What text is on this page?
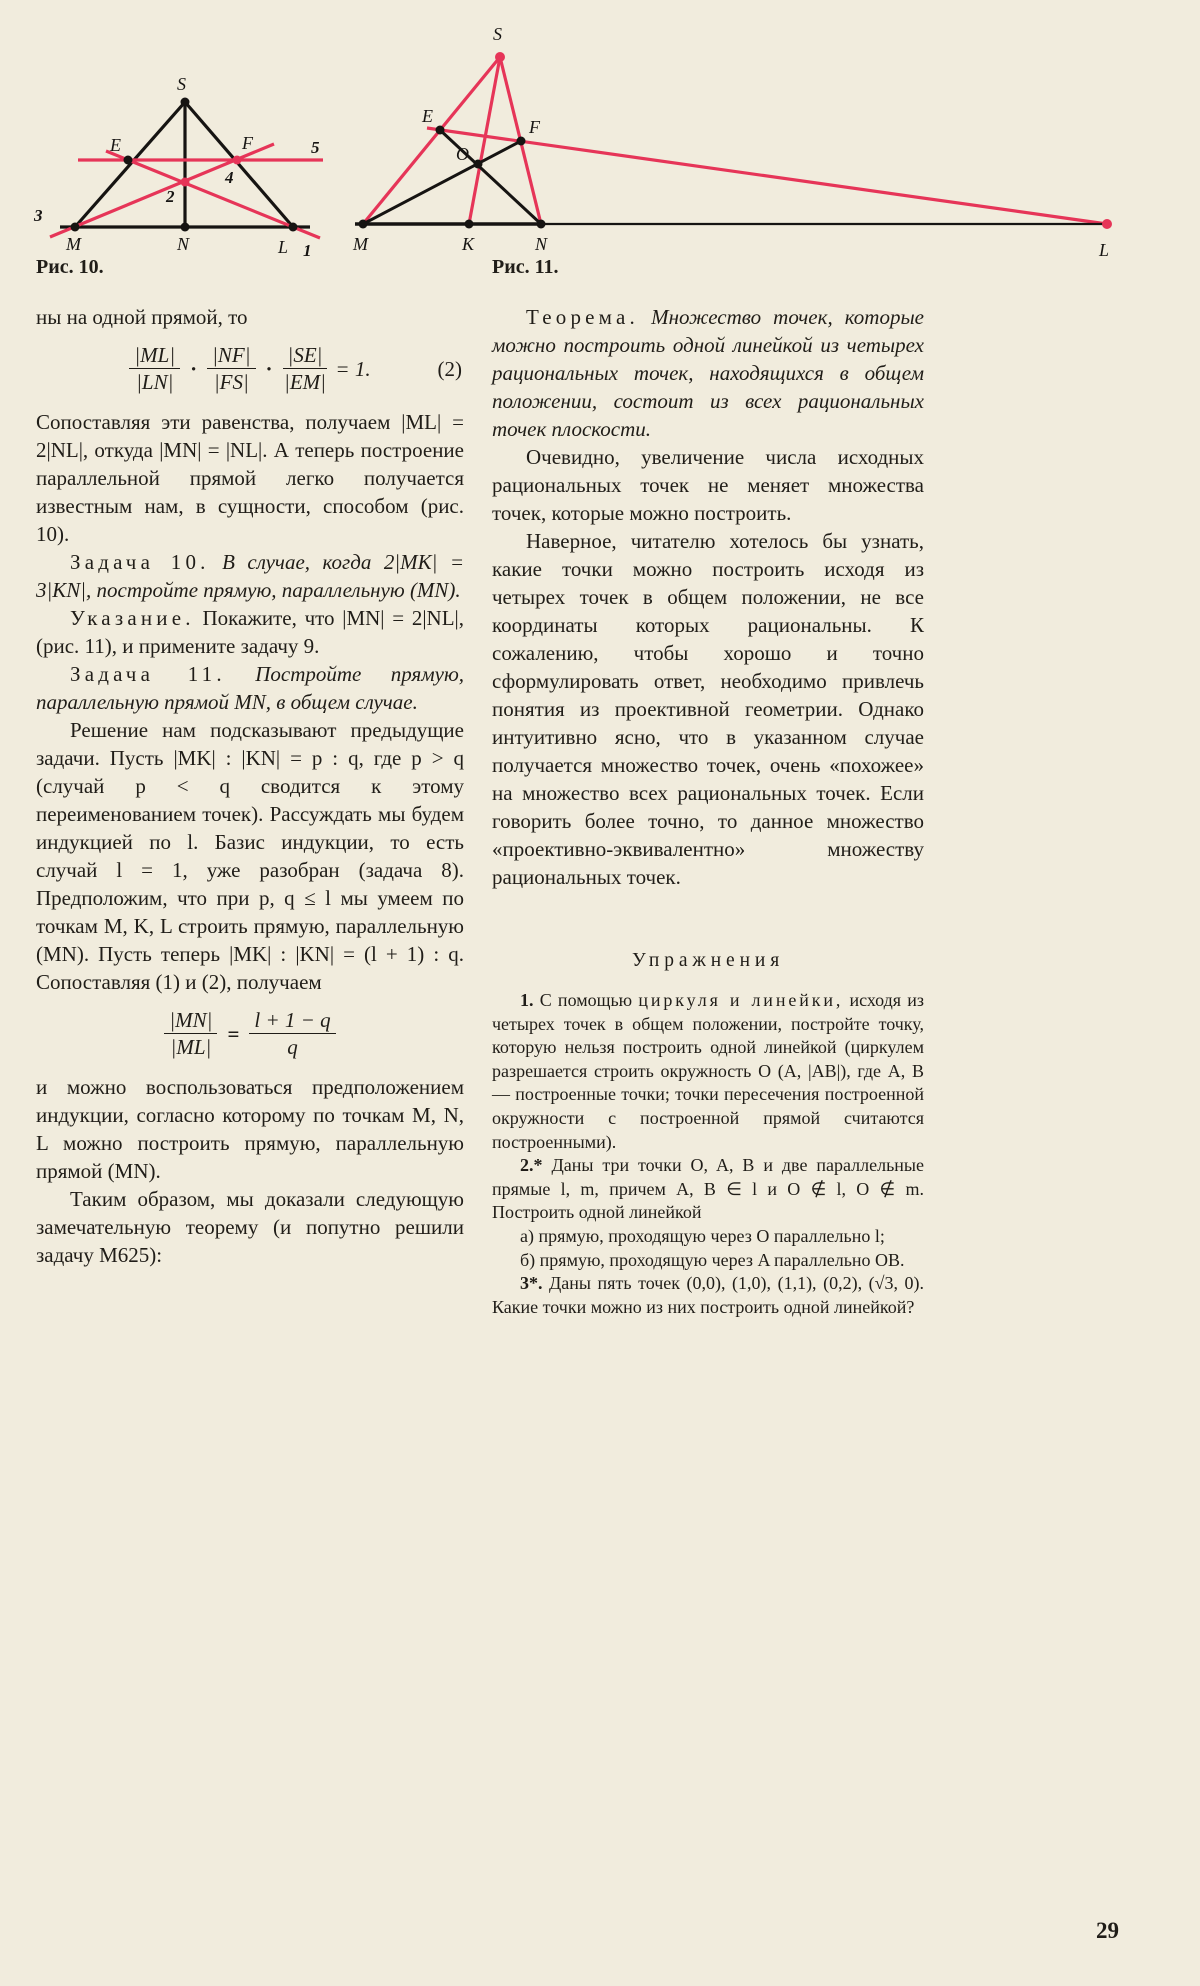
S
E	F
M	N	L
5
4
2
3
1
Рис. 10.
S
E
F
O
M	K	N	L
Рис. 11.

ны на одной прямой, то

$\frac{|ML|}{|LN|} \cdot \frac{|NF|}{|FS|} \cdot \frac{|SE|}{|EM|} = 1$.	(2)

Сопоставляя эти равенства, получаем |ML| = 2|NL|, откуда |MN| = |NL|. А теперь построение параллельной прямой легко получается известным нам, в сущности, способом (рис. 10).

Задача 10. В случае, когда 2|MK| = 3|KN|, постройте прямую, параллельную (MN).

Указание. Покажите, что |MN| = 2|NL|, (рис. 11), и примените задачу 9.

Задача 11. Постройте прямую, параллельную прямой MN, в общем случае.

Решение нам подсказывают предыдущие задачи. Пусть |MK| : |KN| = p : q, где p > q (случай p < q сводится к этому переименованием точек). Рассуждать мы будем индукцией по l. Базис индукции, то есть случай l = 1, уже разобран (задача 8). Предположим, что при p, q ≤ l мы умеем по точкам M, K, L строить прямую, параллельную (MN). Пусть теперь |MK| : |KN| = (l + 1) : q. Сопоставляя (1) и (2), получаем

$\frac{|MN|}{|ML|} = \frac{l + 1 - q}{q}$

и можно воспользоваться предположением индукции, согласно которому по точкам M, N, L можно построить прямую, параллельную прямой (MN).

Таким образом, мы доказали следующую замечательную теорему (и попутно решили задачу М625):

Теорема. Множество точек, которые можно построить одной линейкой из четырех рациональных точек, находящихся в общем положении, состоит из всех рациональных точек плоскости.

Очевидно, увеличение числа исходных рациональных точек не меняет множества точек, которые можно построить.

Наверное, читателю хотелось бы узнать, какие точки можно построить исходя из четырех точек в общем положении, не все координаты которых рациональны. К сожалению, чтобы хорошо и точно сформулировать ответ, необходимо привлечь понятия из проективной геометрии. Однако интуитивно ясно, что в указанном случае получается множество точек, очень «похожее» на множество всех рациональных точек. Если говорить более точно, то данное множество «проективно-эквивалентно» множеству рациональных точек.

Упражнения

1. С помощью циркуля и линейки, исходя из четырех точек в общем положении, постройте точку, которую нельзя построить одной линейкой (циркулем разрешается строить окружность O (A, |AB|), где A, B — построенные точки; точки пересечения построенной окружности с построенной прямой считаются построенными).

2.* Даны три точки O, A, B и две параллельные прямые l, m, причем A, B ∈ l и O ∉ l, O ∉ m. Построить одной линейкой

а) прямую, проходящую через O параллельно l;

б) прямую, проходящую через A параллельно OB.

3*. Даны пять точек (0,0), (1,0), (1,1), (0,2), (√3, 0). Какие точки можно из них построить одной линейкой?

29
